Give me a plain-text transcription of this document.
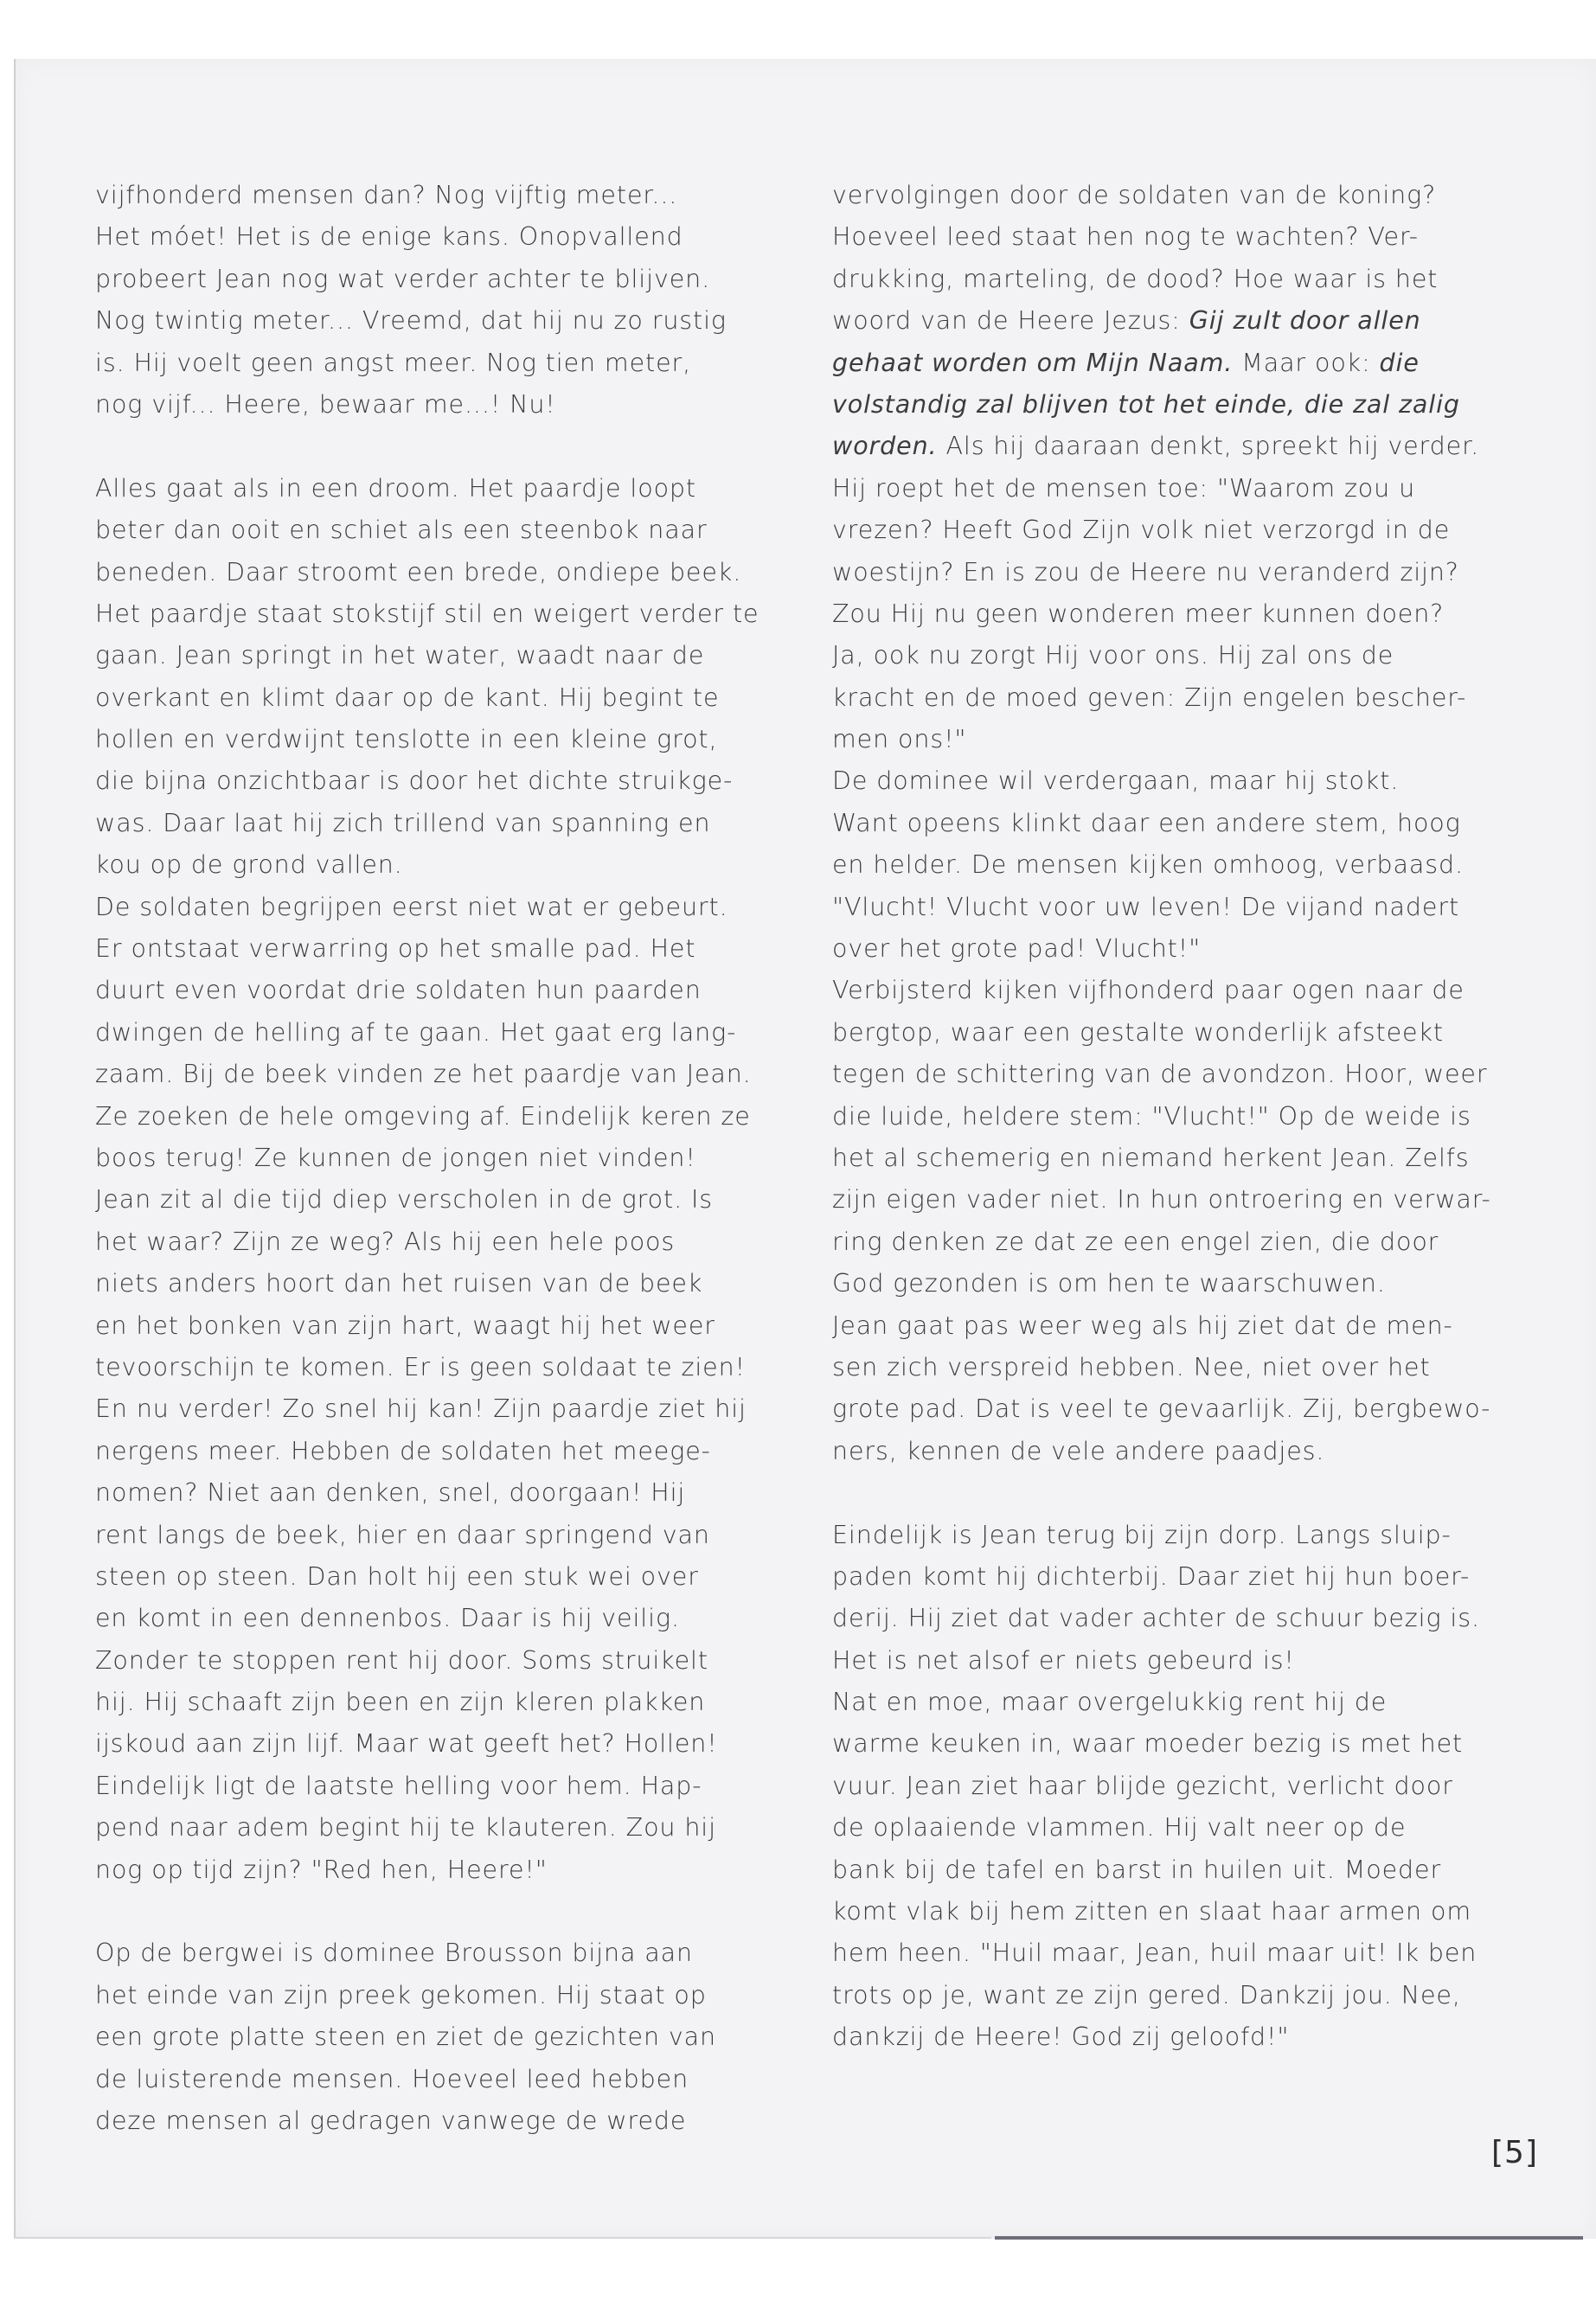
vijfhonderd mensen dan? Nog vijftig meter...
Het móet! Het is de enige kans. Onopvallend
probeert Jean nog wat verder achter te blijven.
Nog twintig meter... Vreemd, dat hij nu zo rustig
is. Hij voelt geen angst meer. Nog tien meter,
nog vijf... Heere, bewaar me...! Nu!
Alles gaat als in een droom. Het paardje loopt
beter dan ooit en schiet als een steenbok naar
beneden. Daar stroomt een brede, ondiepe beek.
Het paardje staat stokstijf stil en weigert verder te
gaan. Jean springt in het water, waadt naar de
overkant en klimt daar op de kant. Hij begint te
hollen en verdwijnt tenslotte in een kleine grot,
die bijna onzichtbaar is door het dichte struikge-
was. Daar laat hij zich trillend van spanning en
kou op de grond vallen.
De soldaten begrijpen eerst niet wat er gebeurt.
Er ontstaat verwarring op het smalle pad. Het
duurt even voordat drie soldaten hun paarden
dwingen de helling af te gaan. Het gaat erg lang-
zaam. Bij de beek vinden ze het paardje van Jean.
Ze zoeken de hele omgeving af. Eindelijk keren ze
boos terug! Ze kunnen de jongen niet vinden!
Jean zit al die tijd diep verscholen in de grot. Is
het waar? Zijn ze weg? Als hij een hele poos
niets anders hoort dan het ruisen van de beek
en het bonken van zijn hart, waagt hij het weer
tevoorschijn te komen. Er is geen soldaat te zien!
En nu verder! Zo snel hij kan! Zijn paardje ziet hij
nergens meer. Hebben de soldaten het meege-
nomen? Niet aan denken, snel, doorgaan! Hij
rent langs de beek, hier en daar springend van
steen op steen. Dan holt hij een stuk wei over
en komt in een dennenbos. Daar is hij veilig.
Zonder te stoppen rent hij door. Soms struikelt
hij. Hij schaaft zijn been en zijn kleren plakken
ijskoud aan zijn lijf. Maar wat geeft het? Hollen!
Eindelijk ligt de laatste helling voor hem. Hap-
pend naar adem begint hij te klauteren. Zou hij
nog op tijd zijn? "Red hen, Heere!"
Op de bergwei is dominee Brousson bijna aan
het einde van zijn preek gekomen. Hij staat op
een grote platte steen en ziet de gezichten van
de luisterende mensen. Hoeveel leed hebben
deze mensen al gedragen vanwege de wrede
vervolgingen door de soldaten van de koning?
Hoeveel leed staat hen nog te wachten? Ver-
drukking, marteling, de dood? Hoe waar is het
woord van de Heere Jezus: Gij zult door allen
gehaat worden om Mijn Naam. Maar ook: die
volstandig zal blijven tot het einde, die zal zalig
worden. Als hij daaraan denkt, spreekt hij verder.
Hij roept het de mensen toe: "Waarom zou u
vrezen? Heeft God Zijn volk niet verzorgd in de
woestijn? En is zou de Heere nu veranderd zijn?
Zou Hij nu geen wonderen meer kunnen doen?
Ja, ook nu zorgt Hij voor ons. Hij zal ons de
kracht en de moed geven: Zijn engelen bescher-
men ons!"
De dominee wil verdergaan, maar hij stokt.
Want opeens klinkt daar een andere stem, hoog
en helder. De mensen kijken omhoog, verbaasd.
"Vlucht! Vlucht voor uw leven! De vijand nadert
over het grote pad! Vlucht!"
Verbijsterd kijken vijfhonderd paar ogen naar de
bergtop, waar een gestalte wonderlijk afsteekt
tegen de schittering van de avondzon. Hoor, weer
die luide, heldere stem: "Vlucht!" Op de weide is
het al schemerig en niemand herkent Jean. Zelfs
zijn eigen vader niet. In hun ontroering en verwar-
ring denken ze dat ze een engel zien, die door
God gezonden is om hen te waarschuwen.
Jean gaat pas weer weg als hij ziet dat de men-
sen zich verspreid hebben. Nee, niet over het
grote pad. Dat is veel te gevaarlijk. Zij, bergbewo-
ners, kennen de vele andere paadjes.
Eindelijk is Jean terug bij zijn dorp. Langs sluip-
paden komt hij dichterbij. Daar ziet hij hun boer-
derij. Hij ziet dat vader achter de schuur bezig is.
Het is net alsof er niets gebeurd is!
Nat en moe, maar overgelukkig rent hij de
warme keuken in, waar moeder bezig is met het
vuur. Jean ziet haar blijde gezicht, verlicht door
de oplaaiende vlammen. Hij valt neer op de
bank bij de tafel en barst in huilen uit. Moeder
komt vlak bij hem zitten en slaat haar armen om
hem heen. "Huil maar, Jean, huil maar uit! Ik ben
trots op je, want ze zijn gered. Dankzij jou. Nee,
dankzij de Heere! God zij geloofd!"
[5]
